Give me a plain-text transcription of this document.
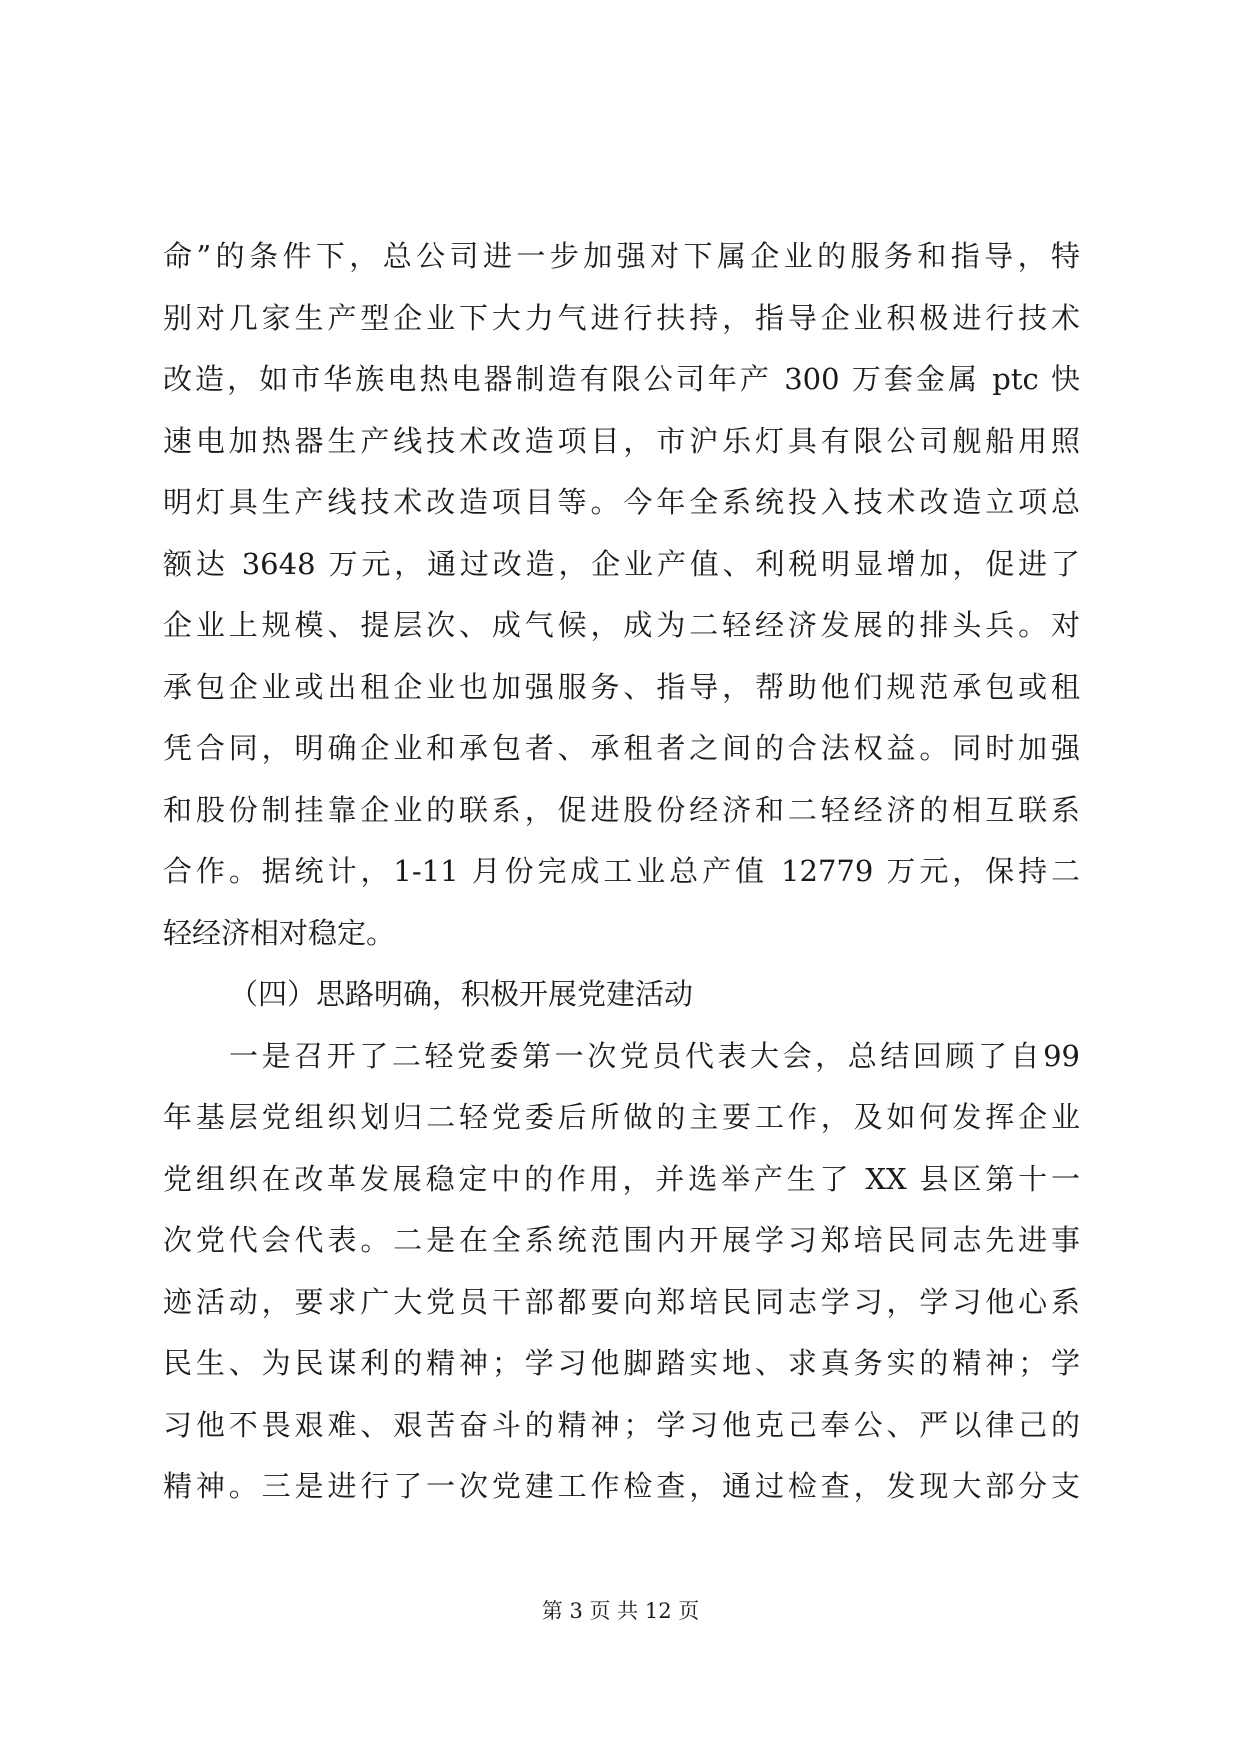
命”的条件下，总公司进一步加强对下属企业的服务和指导，特
别对几家生产型企业下大力气进行扶持，指导企业积极进行技术
改造，如市华族电热电器制造有限公司年产 300 万套金属 ptc 快
速电加热器生产线技术改造项目，市沪乐灯具有限公司舰船用照
明灯具生产线技术改造项目等。今年全系统投入技术改造立项总
额达 3648 万元，通过改造，企业产值、利税明显增加，促进了
企业上规模、提层次、成气候，成为二轻经济发展的排头兵。对
承包企业或出租企业也加强服务、指导，帮助他们规范承包或租
凭合同，明确企业和承包者、承租者之间的合法权益。同时加强
和股份制挂靠企业的联系，促进股份经济和二轻经济的相互联系
合作。据统计，1-11 月份完成工业总产值 12779 万元，保持二
轻经济相对稳定。
（四）思路明确，积极开展党建活动
一是召开了二轻党委第一次党员代表大会，总结回顾了自99
年基层党组织划归二轻党委后所做的主要工作，及如何发挥企业
党组织在改革发展稳定中的作用，并选举产生了 XX 县区第十一
次党代会代表。二是在全系统范围内开展学习郑培民同志先进事
迹活动，要求广大党员干部都要向郑培民同志学习，学习他心系
民生、为民谋利的精神；学习他脚踏实地、求真务实的精神；学
习他不畏艰难、艰苦奋斗的精神；学习他克己奉公、严以律己的
精神。三是进行了一次党建工作检查，通过检查，发现大部分支
第 3 页 共 12 页
